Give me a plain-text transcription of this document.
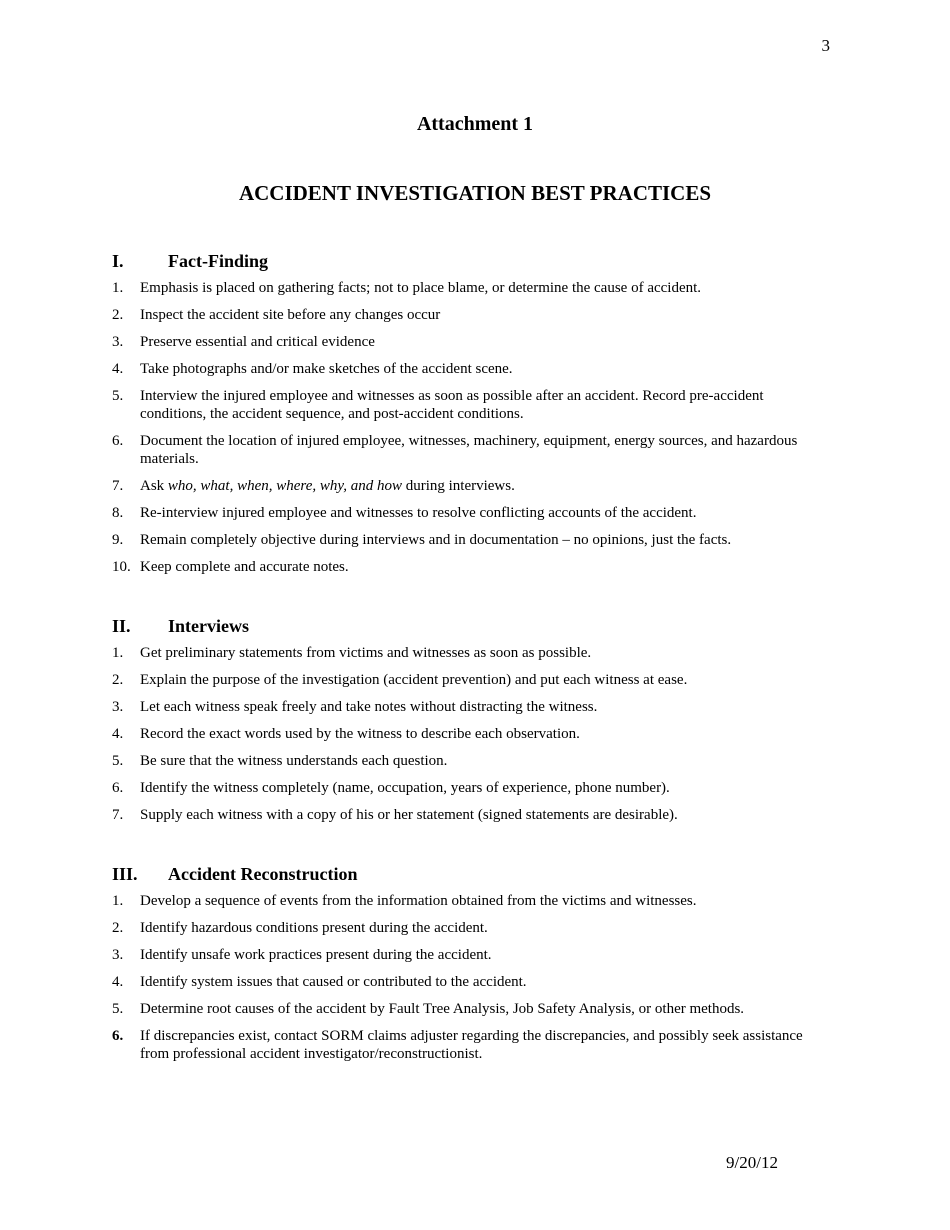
3
Attachment 1
ACCIDENT INVESTIGATION BEST PRACTICES
I. Fact-Finding
1.	Emphasis is placed on gathering facts; not to place blame, or determine the cause of accident.
2.	Inspect the accident site before any changes occur
3.	Preserve essential and critical evidence
4.	Take photographs and/or make sketches of the accident scene.
5.	Interview the injured employee and witnesses as soon as possible after an accident. Record pre-accident conditions, the accident sequence, and post-accident conditions.
6.	Document the location of injured employee, witnesses, machinery, equipment, energy sources, and hazardous materials.
7.	Ask who, what, when, where, why, and how during interviews.
8.	Re-interview injured employee and witnesses to resolve conflicting accounts of the accident.
9.	Remain completely objective during interviews and in documentation – no opinions, just the facts.
10. Keep complete and accurate notes.
II. Interviews
1.	Get preliminary statements from victims and witnesses as soon as possible.
2.	Explain the purpose of the investigation (accident prevention) and put each witness at ease.
3.	Let each witness speak freely and take notes without distracting the witness.
4.	Record the exact words used by the witness to describe each observation.
5.	Be sure that the witness understands each question.
6.	Identify the witness completely (name, occupation, years of experience, phone number).
7.	Supply each witness with a copy of his or her statement (signed statements are desirable).
III. Accident Reconstruction
1.	Develop a sequence of events from the information obtained from the victims and witnesses.
2.	Identify hazardous conditions present during the accident.
3.	Identify unsafe work practices present during the accident.
4.	Identify system issues that caused or contributed to the accident.
5.	Determine root causes of the accident by Fault Tree Analysis, Job Safety Analysis, or other methods.
6.	If discrepancies exist, contact SORM claims adjuster regarding the discrepancies, and possibly seek assistance from professional accident investigator/reconstructionist.
9/20/12
